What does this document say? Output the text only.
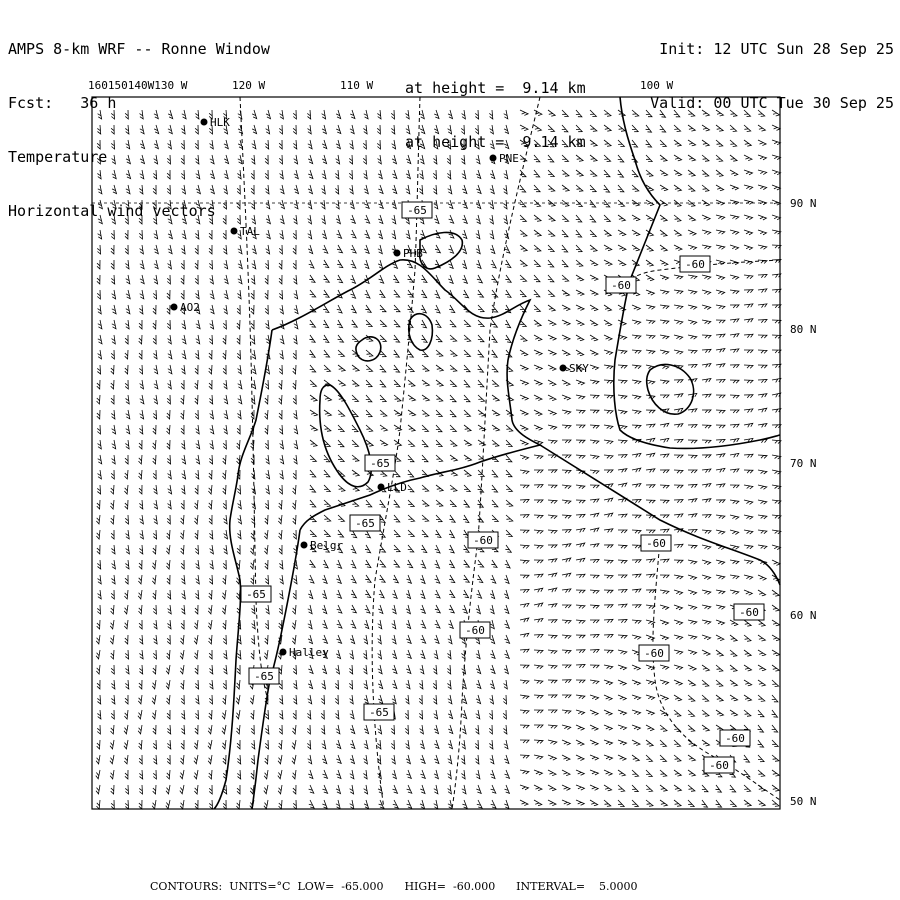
AMPS 8-km WRF -- Ronne Window

Fcst: 36 h

Temperature

Horizontal wind vectors

Init: 12 UTC Sun 28 Sep 25

Valid: 00 UTC Tue 30 Sep 25

at height =  9.14 km

at height =  9.14 km

HLK
PNE
TAL
PHB
AO2
SKY
LLD
Belgr
Halley
-65
-60
-60
-65
-65
-60
-60
-65
-60
-60
-60
-65
-60
-60
-65
160150140W130 W	120 W	110 W	100 W
90 N
80 N
70 N
60 N
50 N
CONTOURS:  UNITS=°C  LOW=  -65.000      HIGH=  -60.000      INTERVAL=    5.0000
